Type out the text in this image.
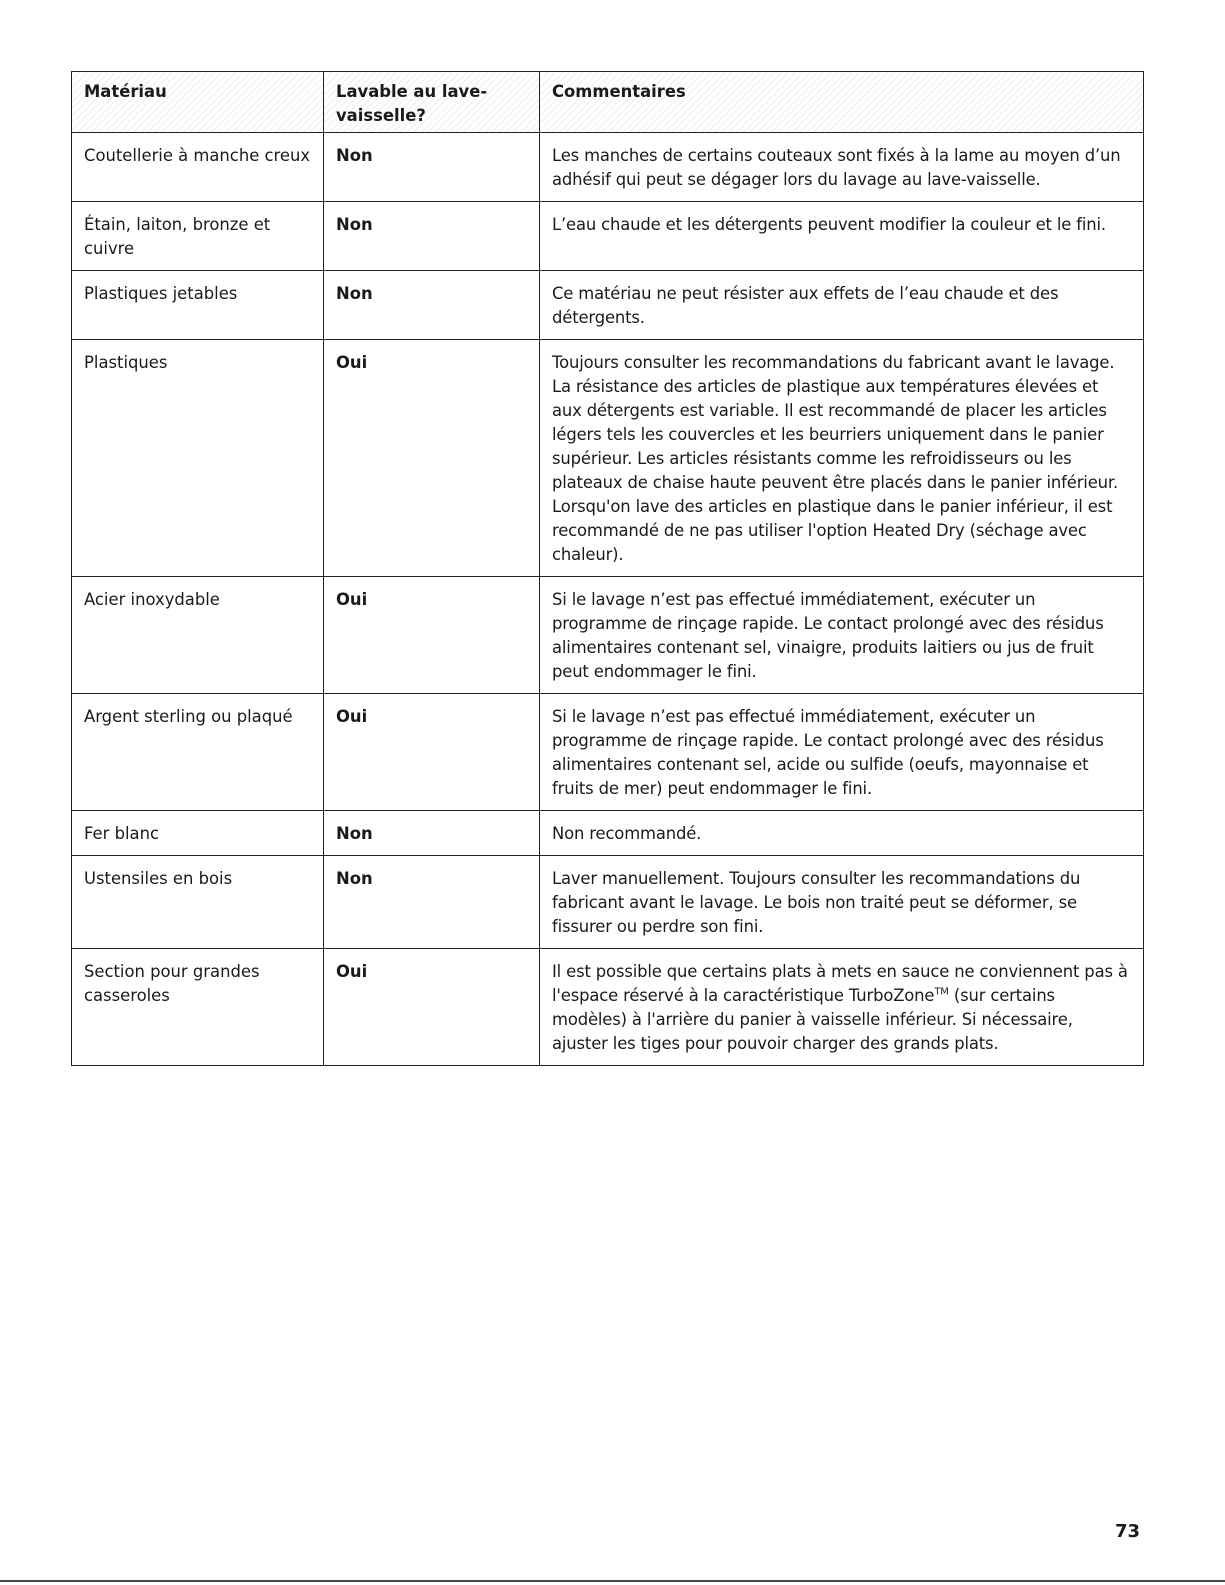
Matériau	Lavable au lave-vaisselle?	Commentaires
Coutellerie à manche creux	Non	Les manches de certains couteaux sont fixés à la lame au moyen d’un adhésif qui peut se dégager lors du lavage au lave-vaisselle.
Étain, laiton, bronze et cuivre	Non	L’eau chaude et les détergents peuvent modifier la couleur et le fini.
Plastiques jetables	Non	Ce matériau ne peut résister aux effets de l’eau chaude et des détergents.
Plastiques	Oui	Toujours consulter les recommandations du fabricant avant le lavage. La résistance des articles de plastique aux températures élevées et aux détergents est variable. Il est recommandé de placer les articles légers tels les couvercles et les beurriers uniquement dans le panier supérieur. Les articles résistants comme les refroidisseurs ou les plateaux de chaise haute peuvent être placés dans le panier inférieur. Lorsqu'on lave des articles en plastique dans le panier inférieur, il est recommandé de ne pas utiliser l'option Heated Dry (séchage avec chaleur).
Acier inoxydable	Oui	Si le lavage n’est pas effectué immédiatement, exécuter un programme de rinçage rapide. Le contact prolongé avec des résidus alimentaires contenant sel, vinaigre, produits laitiers ou jus de fruit peut endommager le fini.
Argent sterling ou plaqué	Oui	Si le lavage n’est pas effectué immédiatement, exécuter un programme de rinçage rapide. Le contact prolongé avec des résidus alimentaires contenant sel, acide ou sulfide (oeufs, mayonnaise et fruits de mer) peut endommager le fini.
Fer blanc	Non	Non recommandé.
Ustensiles en bois	Non	Laver manuellement. Toujours consulter les recommandations du fabricant avant le lavage. Le bois non traité peut se déformer, se fissurer ou perdre son fini.
Section pour grandes casseroles	Oui	Il est possible que certains plats à mets en sauce ne conviennent pas à l'espace réservé à la caractéristique TurboZone™ (sur certains modèles) à l'arrière du panier à vaisselle inférieur. Si nécessaire, ajuster les tiges pour pouvoir charger des grands plats.
73
